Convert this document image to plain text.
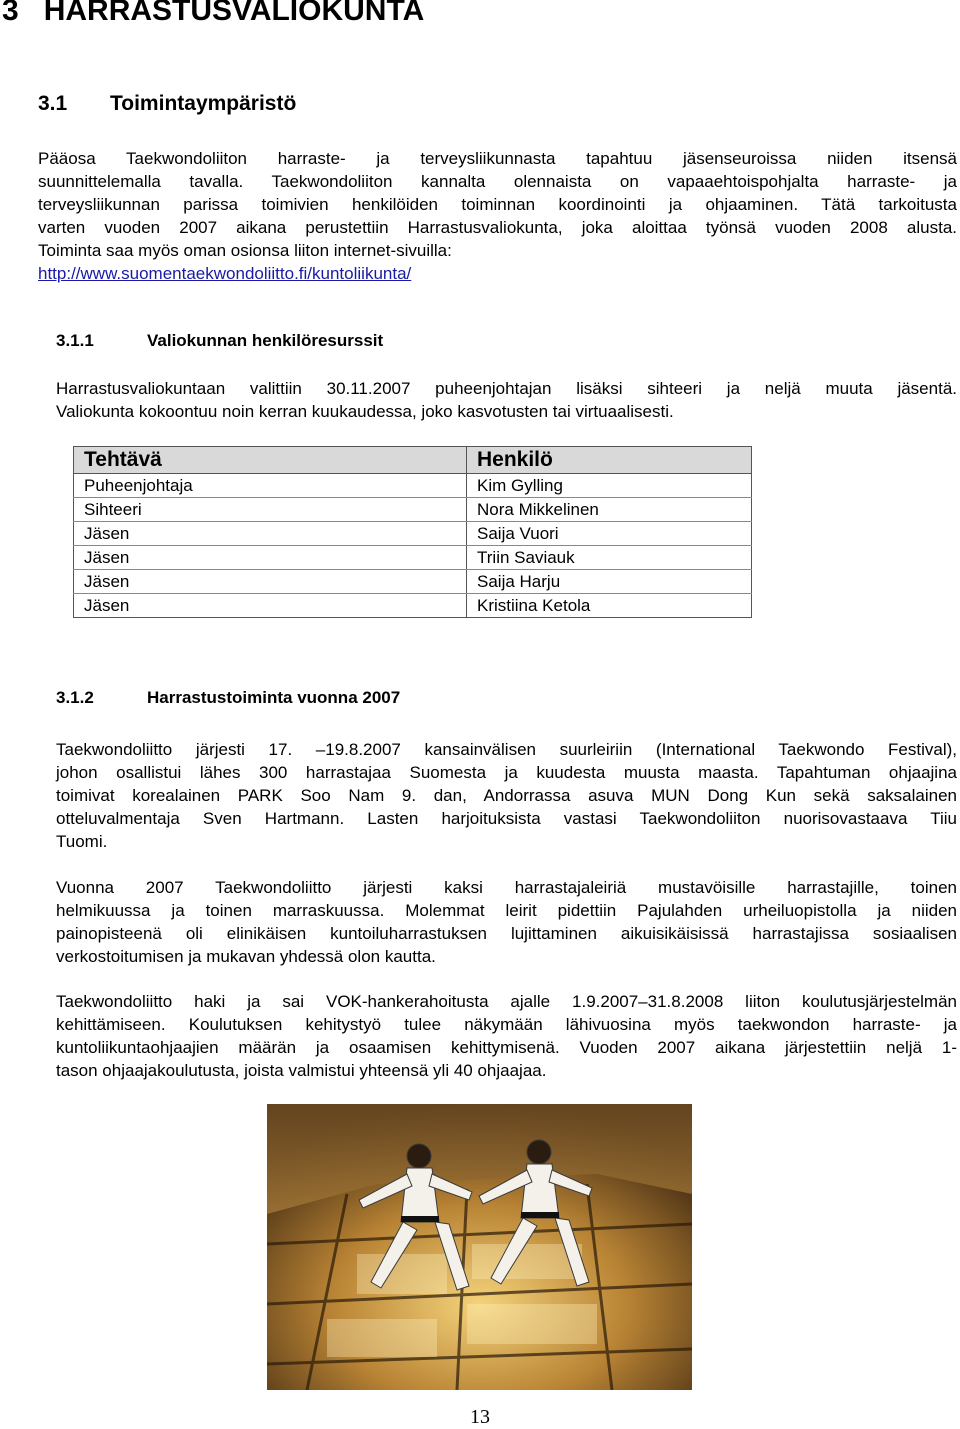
3 HARRASTUSVALIOKUNTA
3.1 Toimintaympäristö
Pääosa Taekwondoliiton harraste- ja terveysliikunnasta tapahtuu jäsenseuroissa niiden itsensä
suunnittelemalla tavalla. Taekwondoliiton kannalta olennaista on vapaaehtoispohjalta harraste- ja
terveysliikunnan parissa toimivien henkilöiden toiminnan koordinointi ja ohjaaminen. Tätä tarkoitusta
varten vuoden 2007 aikana perustettiin Harrastusvaliokunta, joka aloittaa työnsä vuoden 2008 alusta.
Toiminta saa myös oman osionsa liiton internet-sivuilla:
http://www.suomentaekwondoliitto.fi/kuntoliikunta/
3.1.1	Valiokunnan henkilöresurssit
Harrastusvaliokuntaan valittiin 30.11.2007 puheenjohtajan lisäksi sihteeri ja neljä muuta jäsentä.
Valiokunta kokoontuu noin kerran kuukaudessa, joko kasvotusten tai virtuaalisesti.
Tehtävä	Henkilö
Puheenjohtaja	Kim Gylling
Sihteeri	Nora Mikkelinen
Jäsen	Saija Vuori
Jäsen	Triin Saviauk
Jäsen	Saija Harju
Jäsen	Kristiina Ketola
3.1.2	Harrastustoiminta vuonna 2007
Taekwondoliitto järjesti 17. –19.8.2007 kansainvälisen suurleiriin (International Taekwondo Festival),
johon osallistui lähes 300 harrastajaa Suomesta ja kuudesta muusta maasta. Tapahtuman ohjaajina
toimivat korealainen PARK Soo Nam 9. dan, Andorrassa asuva MUN Dong Kun sekä saksalainen
otteluvalmentaja Sven Hartmann. Lasten harjoituksista vastasi Taekwondoliiton nuorisovastaava Tiiu
Tuomi.
Vuonna 2007 Taekwondoliitto järjesti kaksi harrastajaleiriä mustavöisille harrastajille, toinen
helmikuussa ja toinen marraskuussa. Molemmat leirit pidettiin Pajulahden urheiluopistolla ja niiden
painopisteenä oli elinikäisen kuntoiluharrastuksen lujittaminen aikuisikäisissä harrastajissa sosiaalisen
verkostoitumisen ja mukavan yhdessä olon kautta.
Taekwondoliitto haki ja sai VOK-hankerahoitusta ajalle 1.9.2007–31.8.2008 liiton koulutusjärjestelmän
kehittämiseen. Koulutuksen kehitystyö tulee näkymään lähivuosina myös taekwondon harraste- ja
kuntoliikuntaohjaajien määrän ja osaamisen kehittymisenä. Vuoden 2007 aikana järjestettiin neljä 1-
tason ohjaajakoulutusta, joista valmistui yhteensä yli 40 ohjaajaa.
13
